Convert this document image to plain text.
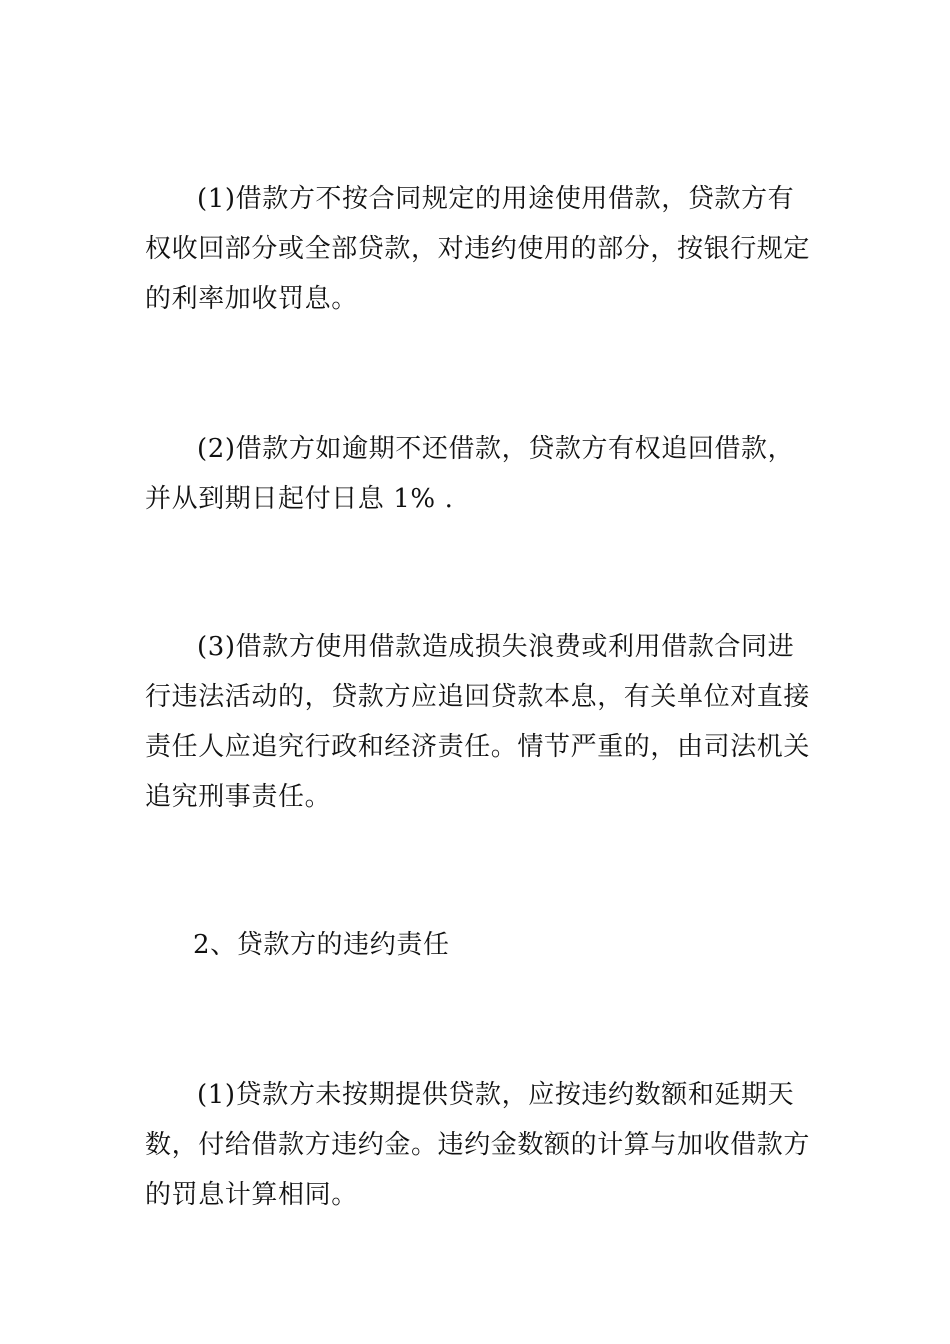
(1)借款方不按合同规定的用途使用借款，贷款方有权收回部分或全部贷款，对违约使用的部分，按银行规定的利率加收罚息。

(2)借款方如逾期不还借款，贷款方有权追回借款，并从到期日起付日息 1% .

(3)借款方使用借款造成损失浪费或利用借款合同进行违法活动的，贷款方应追回贷款本息，有关单位对直接责任人应追究行政和经济责任。情节严重的，由司法机关追究刑事责任。

2、贷款方的违约责任

(1)贷款方未按期提供贷款，应按违约数额和延期天数，付给借款方违约金。违约金数额的计算与加收借款方的罚息计算相同。
